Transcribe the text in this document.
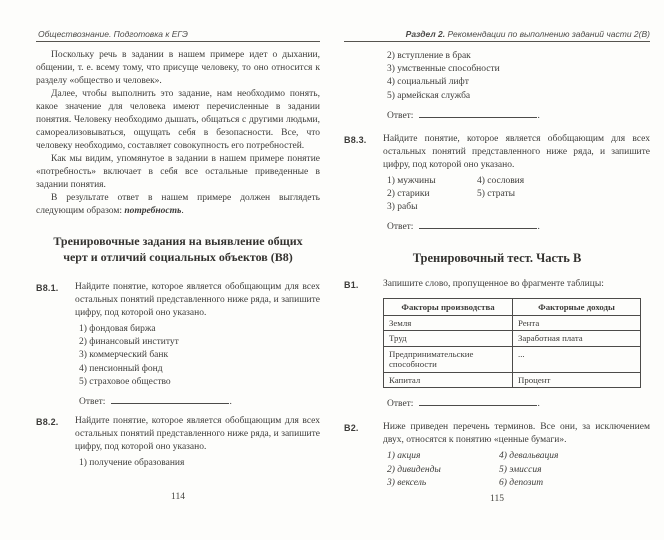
Обществознание. Подготовка к ЕГЭ

Поскольку речь в задании в нашем примере идет о дыхании, общении, т. е. всему тому, что присуще человеку, то оно относится к разделу «общество и человек».

Далее, чтобы выполнить это задание, нам необходимо понять, какое значение для человека имеют перечисленные в задании понятия. Человеку необходимо дышать, общаться с другими людьми, самореализовываться, ощущать себя в безопасности. Все, что человеку необходимо, составляет совокупность его потребностей.

Как мы видим, упомянутое в задании в нашем примере понятие «потребность» включает в себя все остальные приведенные в задании понятия.

В результате ответ в нашем примере должен выглядеть следующим образом: потребность.

Тренировочные задания на выявление общих черт и отличий социальных объектов (В8)
В8.1.	Найдите понятие, которое является обобщающим для всех остальных понятий представленного ниже ряда, и запишите цифру, под которой оно указано.

1) фондовая биржа
2) финансовый институт
3) коммерческий банк
4) пенсионный фонд
5) страховое общество
Ответ:	.
В8.2.	Найдите понятие, которое является обобщающим для всех остальных понятий представленного ниже ряда, и запишите цифру, под которой оно указано.

1) получение образования
114
Раздел 2. Рекомендации по выполнению заданий части 2(В)
2) вступление в брак
3) умственные способности
4) социальный лифт
5) армейская служба
Ответ:	.
В8.3.	Найдите понятие, которое является обобщающим для всех остальных понятий представленного ниже ряда, и запишите цифру, под которой оно указано.

1) мужчины	4) сословия
2) старики	5) страты
3) рабы
Ответ:	.
Тренировочный тест. Часть В
В1.	Запишите слово, пропущенное во фрагменте таблицы:

Факторы производства	Факторные доходы
Земля	Рента
Труд	Заработная плата
Предпринимательские способности	...
Капитал	Процент
Ответ:	.
В2.	Ниже приведен перечень терминов. Все они, за исключением двух, относятся к понятию «ценные бумаги».

1) акция	4) девальвация
2) дивиденды	5) эмиссия
3) вексель	6) депозит
115
